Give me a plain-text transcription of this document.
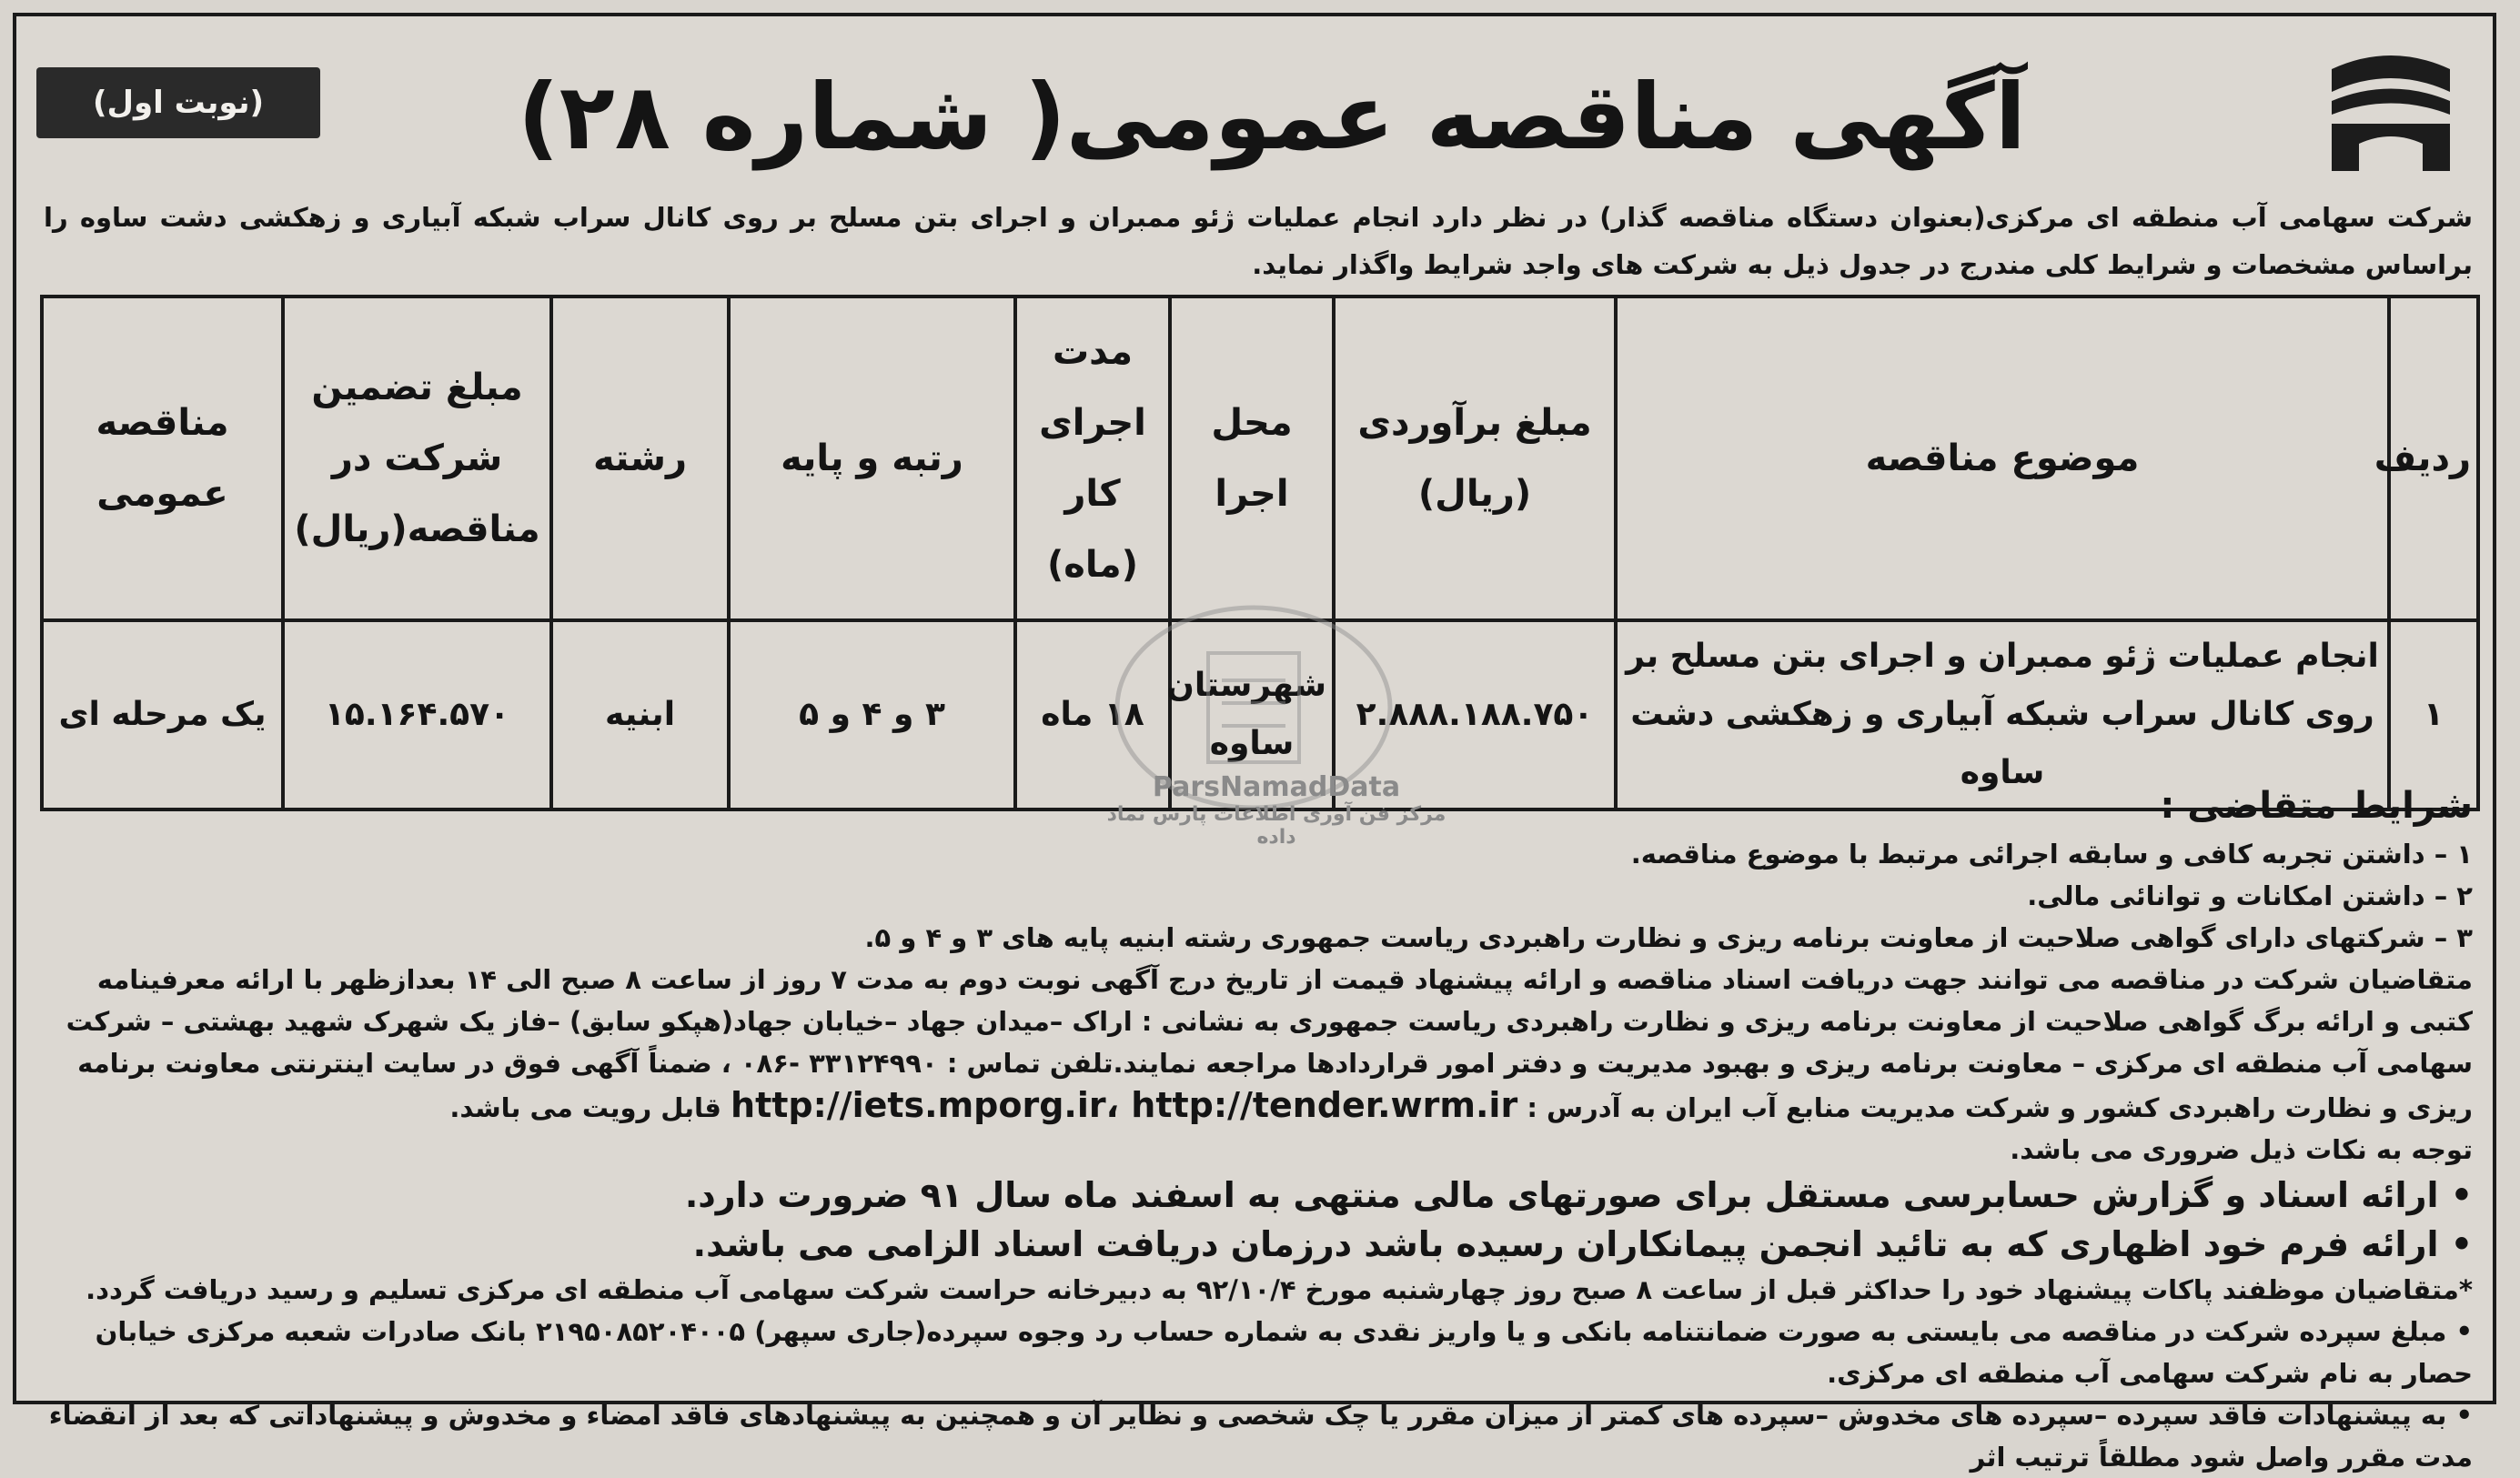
(نوبت اول)	آگهی مناقصه عمومی( شماره ۲۸)
شرکت سهامی آب منطقه ای مرکزی(بعنوان دستگاه مناقصه گذار) در نظر دارد انجام عملیات ژئو ممبران و اجرای بتن مسلح بر روی کانال سراب شبکه آبیاری و زهکشی دشت ساوه را براساس مشخصات و شرایط کلی مندرج در جدول ذیل به شرکت های واجد شرایط واگذار نماید.
ردیف	موضوع مناقصه	مبلغ برآوردی (ریال)	محل اجرا	مدت اجرای کار (ماه)	رتبه و پایه	رشته	مبلغ تضمین شرکت در مناقصه(ریال)	مناقصه عمومی
۱	انجام عملیات ژئو ممبران و اجرای بتن مسلح بر روی کانال سراب شبکه آبیاری و زهکشی دشت ساوه	۲.۸۸۸.۱۸۸.۷۵۰	شهرستان ساوه	۱۸ ماه	۳ و ۴ و ۵	ابنیه	۱۵.۱۶۴.۵۷۰	یک مرحله ای
ParsNamadData
مرکز فن آوری اطلاعات پارس نماد داده

شرایط متقاضی :

۱ – داشتن تجربه کافی و سابقه اجرائی مرتبط با موضوع مناقصه.

۲ – داشتن امکانات و توانائی مالی.

۳ – شرکتهای دارای گواهی صلاحیت از معاونت برنامه ریزی و نظارت راهبردی ریاست جمهوری رشته ابنیه پایه های ۳ و ۴ و ۵.

متقاضیان شرکت در مناقصه می توانند جهت دریافت اسناد مناقصه و ارائه پیشنهاد قیمت از تاریخ درج آگهی نوبت دوم به مدت ۷ روز از ساعت ۸ صبح الی ۱۴ بعدازظهر با ارائه معرفینامه کتبی و ارائه برگ گواهی صلاحیت از معاونت برنامه ریزی و نظارت راهبردی ریاست جمهوری به نشانی : اراک –میدان جهاد –خیابان جهاد(هپکو سابق) –فاز یک شهرک شهید بهشتی – شرکت سهامی آب منطقه ای مرکزی – معاونت برنامه ریزی و بهبود مدیریت و دفتر امور قراردادها مراجعه نمایند.تلفن تماس : ۳۳۱۲۴۹۹۰ -۰۸۶ ، ضمناً آگهی فوق در سایت اینترنتی معاونت برنامه ریزی و نظارت راهبردی کشور و شرکت مدیریت منابع آب ایران به آدرس : http://iets.mporg.ir، http://tender.wrm.ir قابل رویت می باشد.

توجه به نکات ذیل ضروری می باشد.

• ارائه اسناد و گزارش حسابرسی مستقل برای صورتهای مالی منتهی به اسفند ماه سال ۹۱ ضرورت دارد.

• ارائه فرم خود اظهاری که به تائید انجمن پیمانکاران رسیده باشد درزمان دریافت اسناد الزامی می باشد.

*متقاضیان موظفند پاکات پیشنهاد خود را حداکثر قبل از ساعت ۸ صبح روز چهارشنبه مورخ ۹۲/۱۰/۴ به دبیرخانه حراست شرکت سهامی آب منطقه ای مرکزی تسلیم و رسید دریافت گردد.

• مبلغ سپرده شرکت در مناقصه می بایستی به صورت ضمانتنامه بانکی و یا واریز نقدی به شماره حساب رد وجوه سپرده(جاری سپهر) ۲۱۹۵۰۸۵۲۰۴۰۰۵ بانک صادرات شعبه مرکزی خیابان حصار به نام شرکت سهامی آب منطقه ای مرکزی.

• به پیشنهادات فاقد سپرده –سپرده های مخدوش –سپرده های کمتر از میزان مقرر یا چک شخصی و نظایر آن و همچنین به پیشنهادهای فاقد امضاء و مخدوش و پیشنهاداتی که بعد از انقضاء مدت مقرر واصل شود مطلقاً ترتیب اثر
